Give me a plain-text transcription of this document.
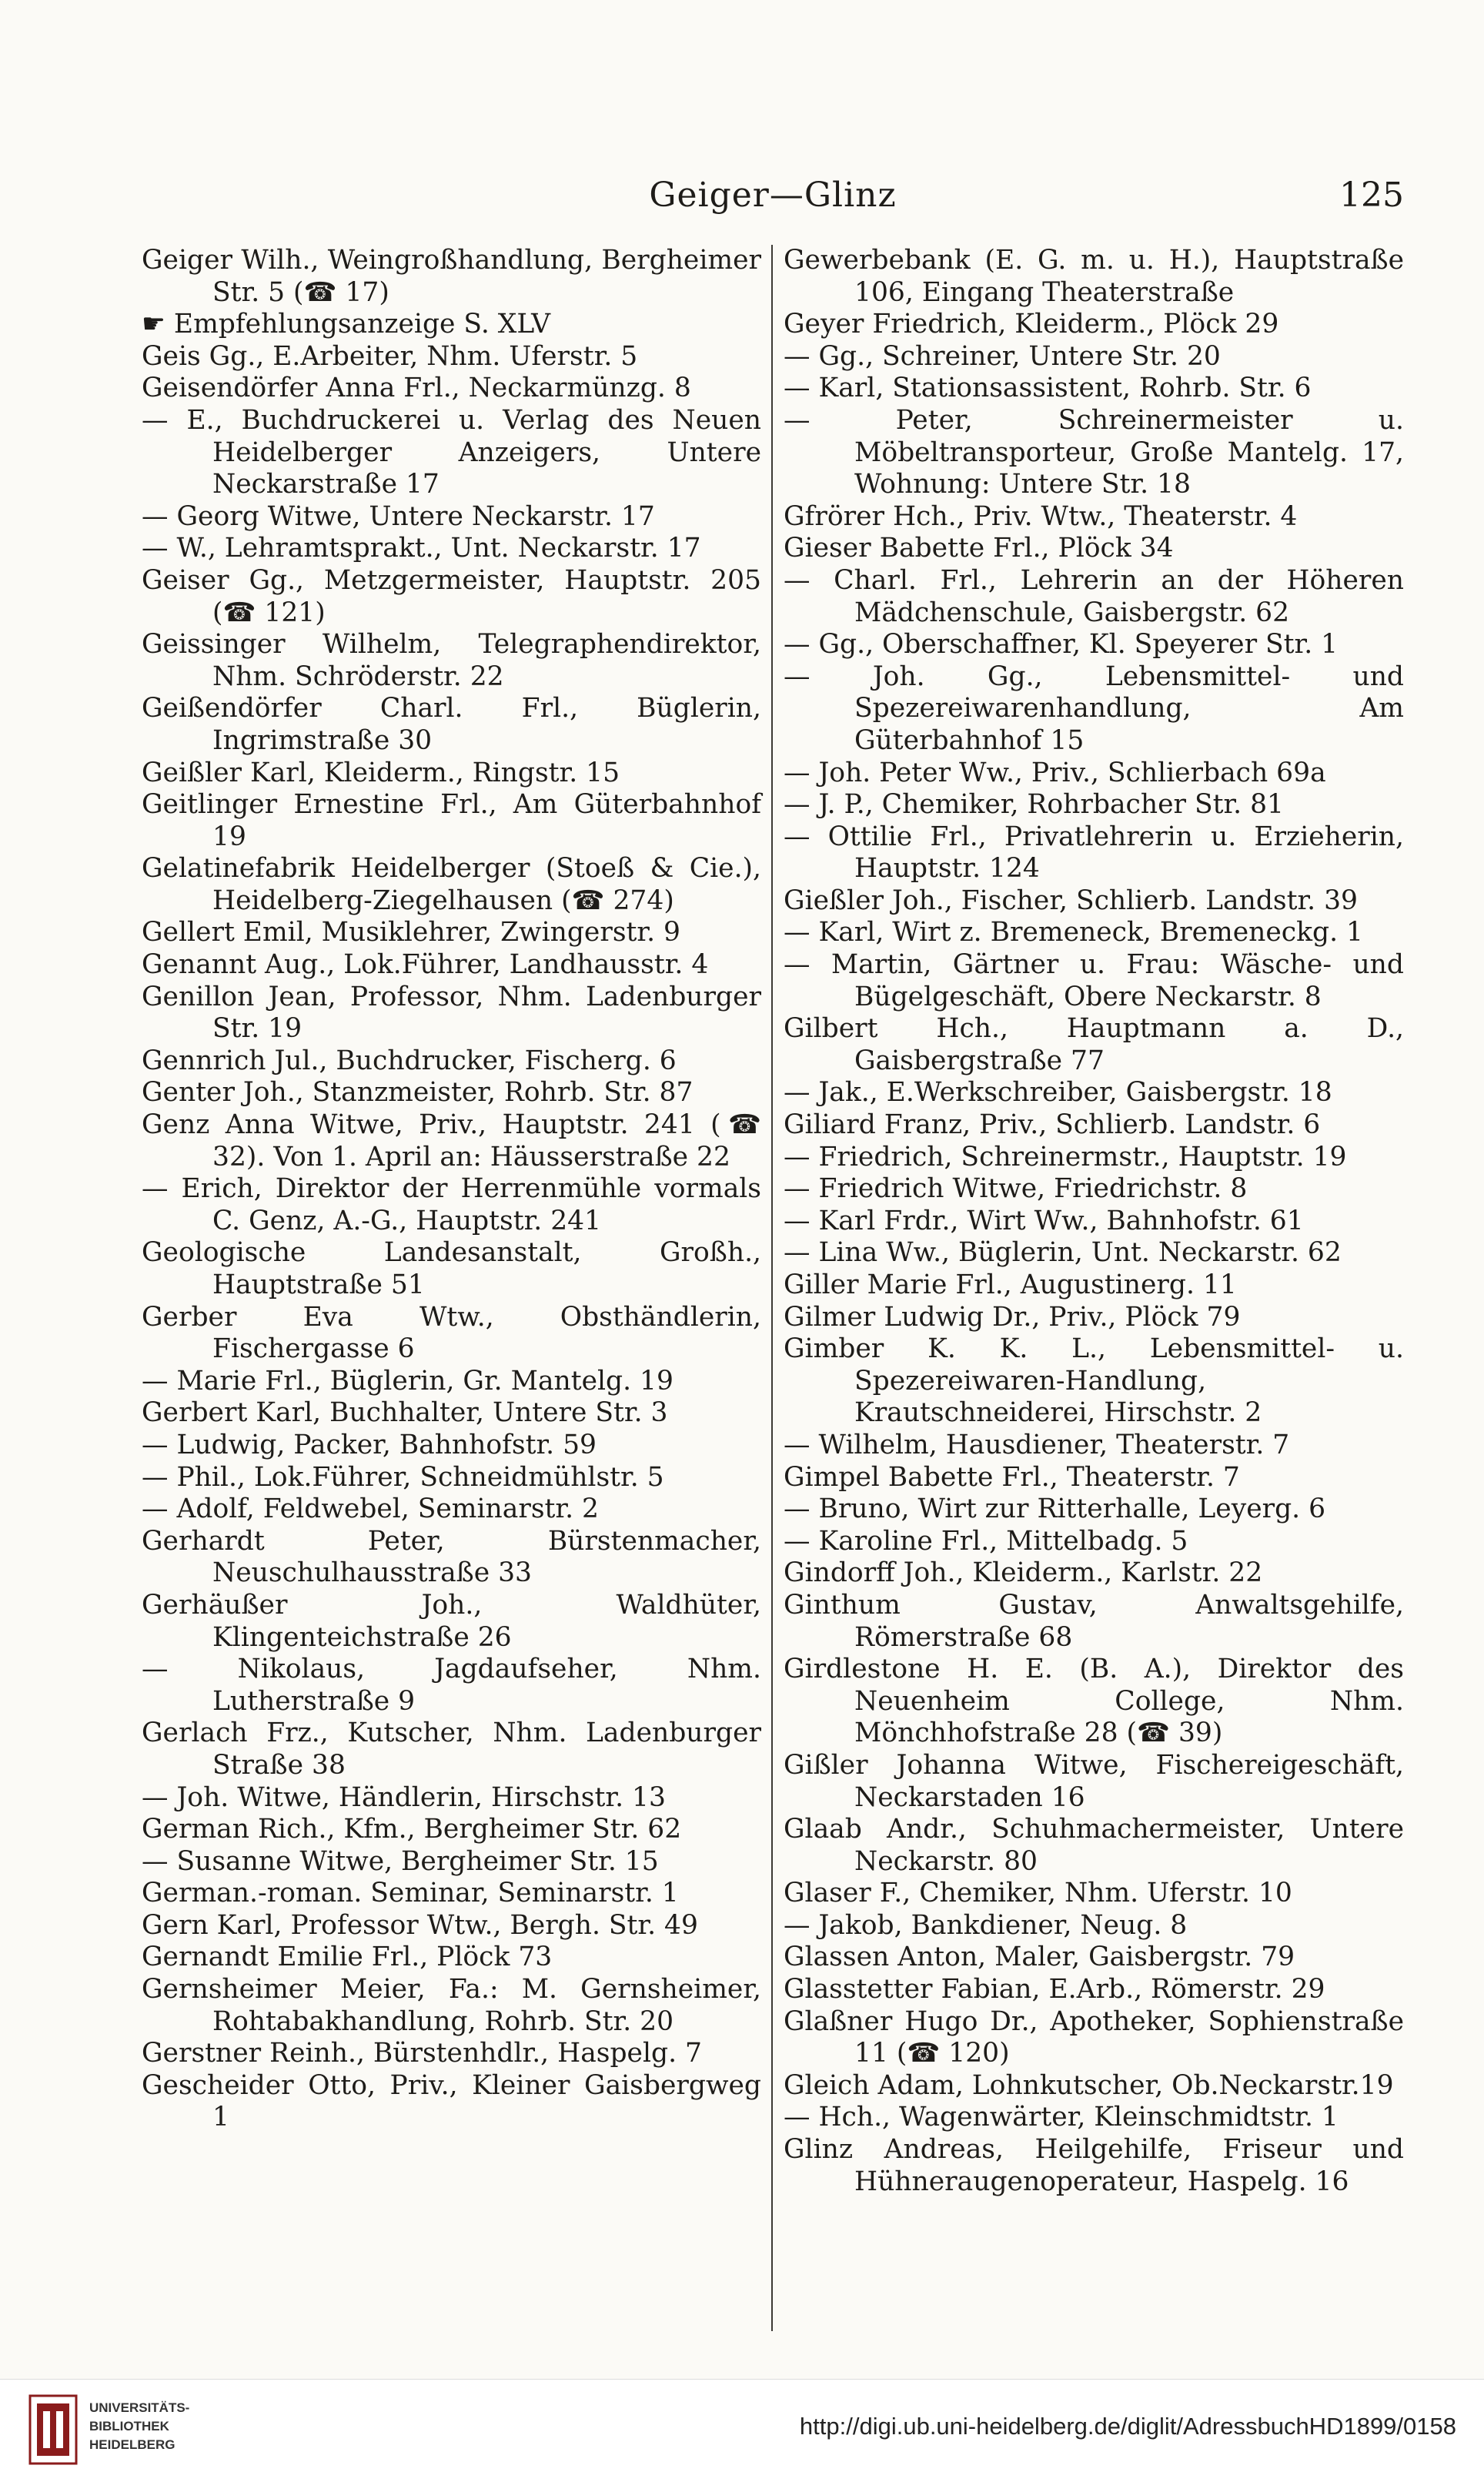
Geiger—Glinz	125
Geiger Wilh., Weingroßhandlung, Bergheimer Str. 5 (☎ 17)
☛ Empfehlungsanzeige S. XLV
Geis Gg., E.Arbeiter, Nhm. Uferstr. 5
Geisendörfer Anna Frl., Neckarmünzg. 8
— E., Buchdruckerei u. Verlag des Neuen Heidelberger Anzeigers, Untere Neckarstraße 17
— Georg Witwe, Untere Neckarstr. 17
— W., Lehramtsprakt., Unt. Neckarstr. 17
Geiser Gg., Metzgermeister, Hauptstr. 205 (☎ 121)
Geissinger Wilhelm, Telegraphendirektor, Nhm. Schröderstr. 22
Geißendörfer Charl. Frl., Büglerin, Ingrimstraße 30
Geißler Karl, Kleiderm., Ringstr. 15
Geitlinger Ernestine Frl., Am Güterbahnhof 19
Gelatinefabrik Heidelberger (Stoeß & Cie.), Heidelberg-Ziegelhausen (☎ 274)
Gellert Emil, Musiklehrer, Zwingerstr. 9
Genannt Aug., Lok.Führer, Landhausstr. 4
Genillon Jean, Professor, Nhm. Ladenburger Str. 19
Gennrich Jul., Buchdrucker, Fischerg. 6
Genter Joh., Stanzmeister, Rohrb. Str. 87
Genz Anna Witwe, Priv., Hauptstr. 241 (☎ 32). Von 1. April an: Häusserstraße 22
— Erich, Direktor der Herrenmühle vormals C. Genz, A.-G., Hauptstr. 241
Geologische Landesanstalt, Großh., Hauptstraße 51
Gerber Eva Wtw., Obsthändlerin, Fischergasse 6
— Marie Frl., Büglerin, Gr. Mantelg. 19
Gerbert Karl, Buchhalter, Untere Str. 3
— Ludwig, Packer, Bahnhofstr. 59
— Phil., Lok.Führer, Schneidmühlstr. 5
— Adolf, Feldwebel, Seminarstr. 2
Gerhardt Peter, Bürstenmacher, Neuschulhausstraße 33
Gerhäußer Joh., Waldhüter, Klingenteichstraße 26
— Nikolaus, Jagdaufseher, Nhm. Lutherstraße 9
Gerlach Frz., Kutscher, Nhm. Ladenburger Straße 38
— Joh. Witwe, Händlerin, Hirschstr. 13
German Rich., Kfm., Bergheimer Str. 62
— Susanne Witwe, Bergheimer Str. 15
German.-roman. Seminar, Seminarstr. 1
Gern Karl, Professor Wtw., Bergh. Str. 49
Gernandt Emilie Frl., Plöck 73
Gernsheimer Meier, Fa.: M. Gernsheimer, Rohtabakhandlung, Rohrb. Str. 20
Gerstner Reinh., Bürstenhdlr., Haspelg. 7
Gescheider Otto, Priv., Kleiner Gaisbergweg 1
Gewerbebank (E. G. m. u. H.), Hauptstraße 106, Eingang Theaterstraße
Geyer Friedrich, Kleiderm., Plöck 29
— Gg., Schreiner, Untere Str. 20
— Karl, Stationsassistent, Rohrb. Str. 6
— Peter, Schreinermeister u. Möbeltransporteur, Große Mantelg. 17, Wohnung: Untere Str. 18
Gfrörer Hch., Priv. Wtw., Theaterstr. 4
Gieser Babette Frl., Plöck 34
— Charl. Frl., Lehrerin an der Höheren Mädchenschule, Gaisbergstr. 62
— Gg., Oberschaffner, Kl. Speyerer Str. 1
— Joh. Gg., Lebensmittel- und Spezereiwarenhandlung, Am Güterbahnhof 15
— Joh. Peter Ww., Priv., Schlierbach 69a
— J. P., Chemiker, Rohrbacher Str. 81
— Ottilie Frl., Privatlehrerin u. Erzieherin, Hauptstr. 124
Gießler Joh., Fischer, Schlierb. Landstr. 39
— Karl, Wirt z. Bremeneck, Bremeneckg. 1
— Martin, Gärtner u. Frau: Wäsche- und Bügelgeschäft, Obere Neckarstr. 8
Gilbert Hch., Hauptmann a. D., Gaisbergstraße 77
— Jak., E.Werkschreiber, Gaisbergstr. 18
Giliard Franz, Priv., Schlierb. Landstr. 6
— Friedrich, Schreinermstr., Hauptstr. 19
— Friedrich Witwe, Friedrichstr. 8
— Karl Frdr., Wirt Ww., Bahnhofstr. 61
— Lina Ww., Büglerin, Unt. Neckarstr. 62
Giller Marie Frl., Augustinerg. 11
Gilmer Ludwig Dr., Priv., Plöck 79
Gimber K. K. L., Lebensmittel- u. Spezereiwaren-Handlung, Krautschneiderei, Hirschstr. 2
— Wilhelm, Hausdiener, Theaterstr. 7
Gimpel Babette Frl., Theaterstr. 7
— Bruno, Wirt zur Ritterhalle, Leyerg. 6
— Karoline Frl., Mittelbadg. 5
Gindorff Joh., Kleiderm., Karlstr. 22
Ginthum Gustav, Anwaltsgehilfe, Römerstraße 68
Girdlestone H. E. (B. A.), Direktor des Neuenheim College, Nhm. Mönchhofstraße 28 (☎ 39)
Gißler Johanna Witwe, Fischereigeschäft, Neckarstaden 16
Glaab Andr., Schuhmachermeister, Untere Neckarstr. 80
Glaser F., Chemiker, Nhm. Uferstr. 10
— Jakob, Bankdiener, Neug. 8
Glassen Anton, Maler, Gaisbergstr. 79
Glasstetter Fabian, E.Arb., Römerstr. 29
Glaßner Hugo Dr., Apotheker, Sophienstraße 11 (☎ 120)
Gleich Adam, Lohnkutscher, Ob.Neckarstr.19
— Hch., Wagenwärter, Kleinschmidtstr. 1
Glinz Andreas, Heilgehilfe, Friseur und Hühneraugenoperateur, Haspelg. 16
UNIVERSITÄTS-
BIBLIOTHEK
HEIDELBERG
http://digi.ub.uni-heidelberg.de/diglit/AdressbuchHD1899/0158
